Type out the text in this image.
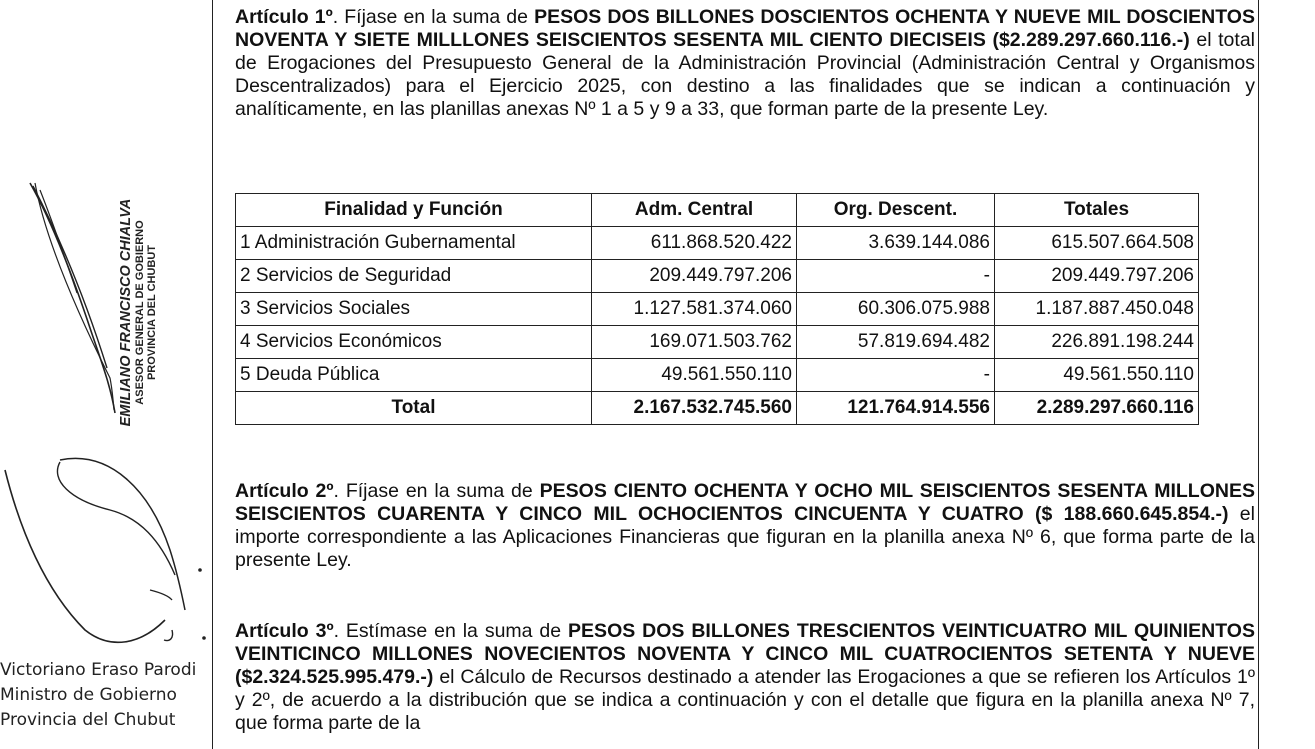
Artículo 1º. Fíjase en la suma de PESOS DOS BILLONES DOSCIENTOS OCHENTA Y NUEVE MIL DOSCIENTOS NOVENTA Y SIETE MILLLONES SEISCIENTOS SESENTA MIL CIENTO DIECISEIS ($2.289.297.660.116.-) el total de Erogaciones del Presupuesto General de la Administración Provincial (Administración Central y Organismos Descentralizados) para el Ejercicio 2025, con destino a las finalidades que se indican a continuación y analíticamente, en las planillas anexas Nº 1 a 5 y 9 a 33, que forman parte de la presente Ley.

Finalidad y Función	Adm. Central	Org. Descent.	Totales
1 Administración Gubernamental	611.868.520.422	3.639.144.086	615.507.664.508
2 Servicios de Seguridad	209.449.797.206	-	209.449.797.206
3 Servicios Sociales	1.127.581.374.060	60.306.075.988	1.187.887.450.048
4 Servicios Económicos	169.071.503.762	57.819.694.482	226.891.198.244
5 Deuda Pública	49.561.550.110	-	49.561.550.110
Total	2.167.532.745.560	121.764.914.556	2.289.297.660.116

Artículo 2º. Fíjase en la suma de PESOS CIENTO OCHENTA Y OCHO MIL SEISCIENTOS SESENTA MILLONES SEISCIENTOS CUARENTA Y CINCO MIL OCHOCIENTOS CINCUENTA Y CUATRO ($ 188.660.645.854.-) el importe correspondiente a las Aplicaciones Financieras que figuran en la planilla anexa Nº 6, que forma parte de la presente Ley.

Artículo 3º. Estímase en la suma de PESOS DOS BILLONES TRESCIENTOS VEINTICUATRO MIL QUINIENTOS VEINTICINCO MILLONES NOVECIENTOS NOVENTA Y CINCO MIL CUATROCIENTOS SETENTA Y NUEVE ($2.324.525.995.479.-) el Cálculo de Recursos destinado a atender las Erogaciones a que se refieren los Artículos 1º y 2º, de acuerdo a la distribución que se indica a continuación y con el detalle que figura en la planilla anexa Nº 7, que forma parte de la

EMILIANO FRANCISCO CHIALVA ASESOR GENERAL DE GOBIERNO PROVINCIA DEL CHUBUT
Victoriano Eraso Parodi
Ministro de Gobierno
Provincia del Chubut
